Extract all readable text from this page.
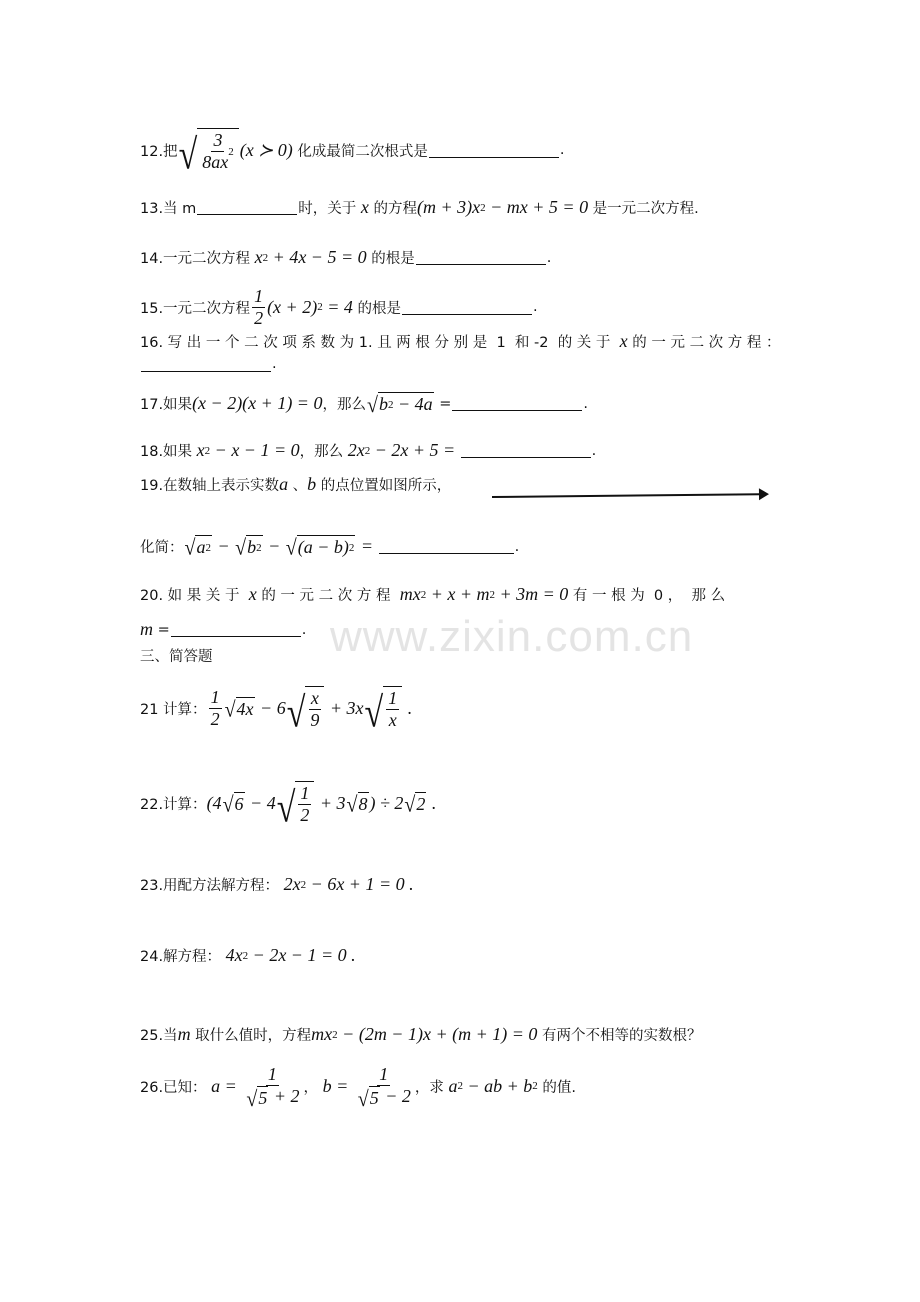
www.zixin.com.cn
12.把 √ $\frac{3}{8ax 2} (x$ ≻ 0) 化成最简二次根式是	.
13.当 m	时，关于 x 的方程 (m + 3)x 2 − mx + 5 = 0 是一元二次方程.
14.一元二次方程 x 2 + 4x − 5 = 0 的根是	.
15.一元二次方程 $\frac{1}{2} (x + 2) 2 = 4$ 的根是	.
16. 写 出 一 个 二 次 项 系 数 为 1. 且 两 根 分 别 是  1  和 -2  的 关 于 x 的 一 元 二 次 方 程 ：
.
17.如果 (x − 2)(x + 1) = 0 ，那么 √ b 2 − 4a =	.
18.如果 x 2 − x − 1 = 0 ，那么 2x 2 − 2x + 5 =	.
19.在数轴上表示实数 a 、 b 的点位置如图所示，
化简： √ a 2 − √ b 2 − √ (a − b) 2 =	.
20. 如 果 关 于 x 的 一 元 二 次 方 程 mx 2 + x + m 2 + 3m = 0 有 一 根 为  0 ，  那 么
m =	.
三、简答题
21 计算： $\frac{1}{2}$ √ 4x − 6 √ $\frac{x}{9} + 3x$ √ $\frac{1}{x}$ .
22.计算： (4 √ 6 − 4 √ $\frac{1}{2} + 3$ √ 8 ) ÷ 2 √ 2 .
23.用配方法解方程： 2x 2 − 6x + 1 = 0 .
24.解方程： 4x 2 − 2x − 1 = 0 .
25.当 m 取什么值时，方程 mx 2 − (2m − 1)x + (m + 1) = 0 有两个不相等的实数根？
26.已知： $a = \frac{1}{√ 5 + 2}$ ， $b = \frac{1}{√ 5 - 2}$ ，求 a 2 − ab + b 2 的值.
